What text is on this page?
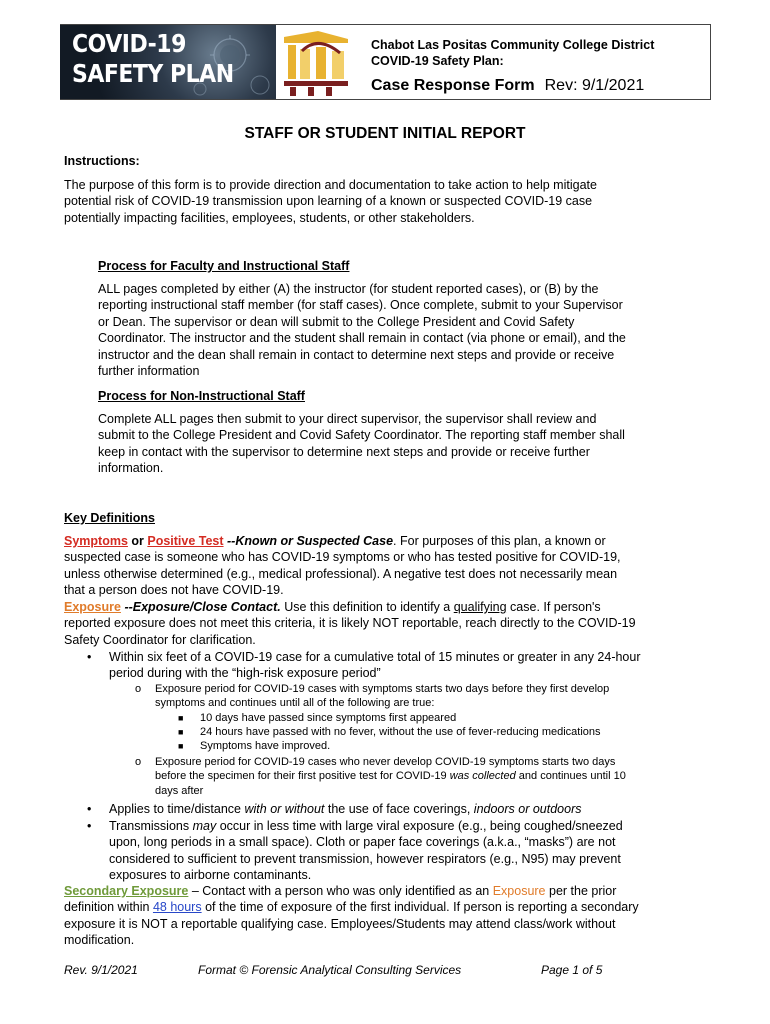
COVID-19
SAFETY PLAN
Chabot Las Positas Community College District
COVID-19 Safety Plan:
Case Response Form Rev: 9/1/2021
STAFF OR STUDENT INITIAL REPORT
Instructions:
The purpose of this form is to provide direction and documentation to take action to help mitigate
potential risk of COVID-19 transmission upon learning of a known or suspected COVID-19 case
potentially impacting facilities, employees, students, or other stakeholders.
Process for Faculty and Instructional Staff
ALL pages completed by either (A) the instructor (for student reported cases), or (B) by the
reporting instructional staff member (for staff cases). Once complete, submit to your Supervisor
or Dean. The supervisor or dean will submit to the College President and Covid Safety
Coordinator. The instructor and the student shall remain in contact (via phone or email), and the
instructor and the dean shall remain in contact to determine next steps and provide or receive
further information
Process for Non-Instructional Staff
Complete ALL pages then submit to your direct supervisor, the supervisor shall review and
submit to the College President and Covid Safety Coordinator. The reporting staff member shall
keep in contact with the supervisor to determine next steps and provide or receive further
information.
Key Definitions
Symptoms or Positive Test --Known or Suspected Case. For purposes of this plan, a known or
suspected case is someone who has COVID-19 symptoms or who has tested positive for COVID-19,
unless otherwise determined (e.g., medical professional). A negative test does not necessarily mean
that a person does not have COVID-19.
Exposure --Exposure/Close Contact. Use this definition to identify a qualifying case. If person's
reported exposure does not meet this criteria, it is likely NOT reportable, reach directly to the COVID-19
Safety Coordinator for clarification.
• Within six feet of a COVID-19 case for a cumulative total of 15 minutes or greater in any 24-hour
period during with the “high-risk exposure period”
o Exposure period for COVID-19 cases with symptoms starts two days before they first develop
symptoms and continues until all of the following are true:
■ 10 days have passed since symptoms first appeared
■ 24 hours have passed with no fever, without the use of fever-reducing medications
■ Symptoms have improved.
o Exposure period for COVID-19 cases who never develop COVID-19 symptoms starts two days
before the specimen for their first positive test for COVID-19 was collected and continues until 10
days after
• Applies to time/distance with or without the use of face coverings, indoors or outdoors
• Transmissions may occur in less time with large viral exposure (e.g., being coughed/sneezed
upon, long periods in a small space). Cloth or paper face coverings (a.k.a., “masks”) are not
considered to sufficient to prevent transmission, however respirators (e.g., N95) may prevent
exposures to airborne contaminants.
Secondary Exposure – Contact with a person who was only identified as an Exposure per the prior
definition within 48 hours of the time of exposure of the first individual. If person is reporting a secondary
exposure it is NOT a reportable qualifying case. Employees/Students may attend class/work without
modification.
Rev. 9/1/2021	Format © Forensic Analytical Consulting Services	Page 1 of 5
